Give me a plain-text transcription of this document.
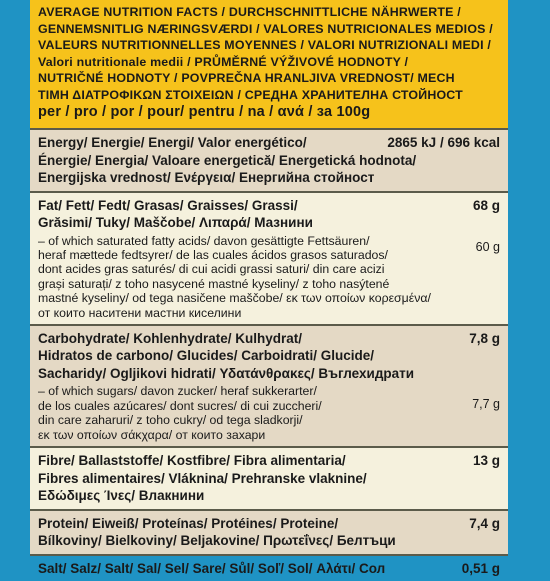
AVERAGE NUTRITION FACTS / DURCHSCHNITTLICHE NÄHRWERTE /
GENNEMSNITLIG NÆRINGSVÆRDI / VALORES NUTRICIONALES MEDIOS /
VALEURS NUTRITIONNELLES MOYENNES / VALORI NUTRIZIONALI MEDI /
Valori nutritionale medii / PRŮMĚRNÉ VÝŽIVOVÉ HODNOTY /
NUTRIČNÉ HODNOTY / POVPREČNA HRANLJIVA VREDNOST/ МЕСН
ΤΙΜΗ ΔΙΑΤΡΟΦΙΚΩΝ ΣΤΟΙΧΕΙΩΝ / СРЕДНА ХРАНИТЕЛНА СТОЙНОСТ
per / pro / por / pour/ pentru / na / ανά / за 100g
2865 kJ / 696 kcal
Energy/ Energie/ Energi/ Valor energético/
Énergie/ Energia/ Valoare energetică/ Energetická hodnota/
Energijska vrednost/ Ενέργεια/ Енергийна стойност
68 g
Fat/ Fett/ Fedt/ Grasas/ Graisses/ Grassi/
Grăsimi/ Tuky/ Maščobe/ Λιπαρά/ Мазнини
60 g
– of which saturated fatty acids/ davon gesättigte Fettsäuren/
heraf mættede fedtsyrer/ de las cuales ácidos grasos saturados/
dont acides gras saturés/ di cui acidi grassi saturi/ din care acizi
grași saturați/ z toho nasycené mastné kyseliny/ z toho nasýtené
mastné kyseliny/ od tega nasičene maščobe/ εκ των οποίων κορεσμένα/
от които наситени мастни киселини
7,8 g
Carbohydrate/ Kohlenhydrate/ Kulhydrat/
Hidratos de carbono/ Glucides/ Carboidrati/ Glucide/
Sacharidy/ Ogljikovi hidrati/ Υδατάνθρακες/ Въглехидрати
7,7 g
– of which sugars/ davon zucker/ heraf sukkerarter/
de los cuales azúcares/ dont sucres/ di cui zuccheri/
din care zaharuri/ z toho cukry/ od tega sladkorji/
εκ των οποίων σάκχαρα/ от които захари
13 g
Fibre/ Ballaststoffe/ Kostfibre/ Fibra alimentaria/
Fibres alimentaires/ Vláknina/ Prehranske vlaknine/
Εδώδιμες Ίνες/ Влакнини
7,4 g
Protein/ Eiweiß/ Proteínas/ Protéines/ Proteine/
Bílkoviny/ Bielkoviny/ Beljakovine/ Πρωτεΐνες/ Белтъци
0,51 g
Salt/ Salz/ Salt/ Sal/ Sel/ Sare/ Sůl/ Soľ/ Sol/ Αλάτι/ Сол
